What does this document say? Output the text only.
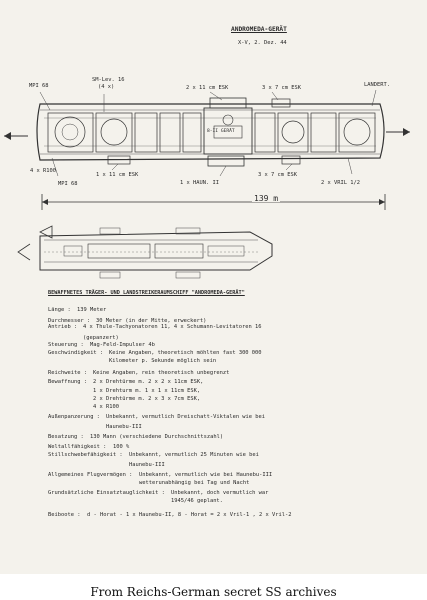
ANDROMEDA-GERÄT
X-V, 2. Dez. 44
MPI 68
SM-Lev. 16
(4 x)	2 x 11 cm ESK	3 x 7 cm ESK	LANDERT.
8-II GERÄT
4 x R100
MPI 68
1 x 11 cm ESK
1 x HAUN. II
3 x 7 cm ESK
2 x VRIL 1/2
139 m
BEWAFFNETES TRÄGER- UND LANDSTREIKERAUMSCHIFF "ANDROMEDA-GERÄT"
Länge : 139 Meter
Durchmesser : 30 Meter (in der Mitte, erweckert)
Antrieb : 4 x Thule-Tachyonatoren 11, 4 x Schumann-Levitatoren 16
(gepanzert)
Steuerung : Mag-Feld-Impulser 4b
Geschwindigkeit : Keine Angaben, theoretisch möhlten fast 300 000
Kilometer p. Sekunde möglich sein
Reichweite : Keine Angaben, rein theoretisch unbegrenzt
Bewaffnung : 2 x Drehtürme m. 2 x 2 x 11cm ESK,
1 x Drehturm m. 1 x 1 x 11cm ESK,
2 x Drehtürme m. 2 x 3 x 7cm ESK,
4 x R100
Außenpanzerung : Unbekannt, vermutlich Dreischatt-Viktalen wie bei
Haunebu-III
Besatzung : 130 Mann (verschiedene Durchschnittszahl)
Weltallfähigkeit : 100 %
Stillschwebefähigkeit : Unbekannt, vermutlich 25 Minuten wie bei
Haunebu-III
Allgemeines Flugvermögen : Unbekannt, vermutlich wie bei Haunebu-III
wetterunabhängig bei Tag und Nacht
Grundsätzliche Einsatztauglichkeit : Unbekannt, doch vermutlich war
1945/46 geplant.
Beiboote : d - Horat - 1 x Haunebu-II, 8 - Horat = 2 x Vril-1 , 2 x Vril-2
From Reichs-German secret SS archives
